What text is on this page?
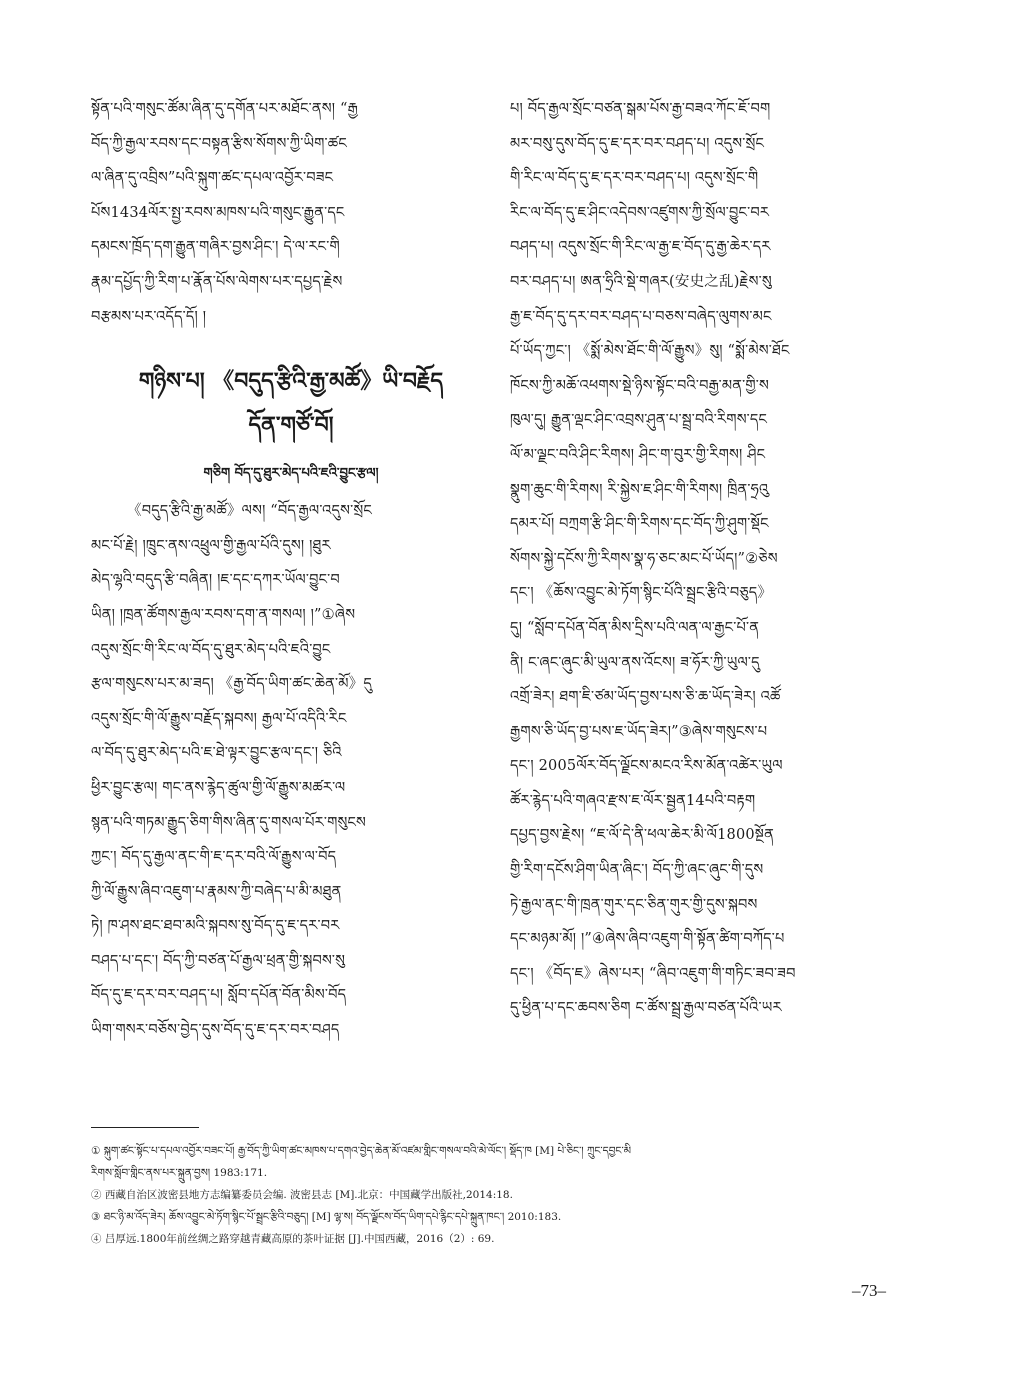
སྟོན་པའི་གསུང་ཚོམ་ཞིན་དུ་དགོན་པར་མཐོང་ནས། “རྒྱ
བོད་ཀྱི་རྒྱལ་རབས་དང་བསྟན་རྩིས་སོགས་ཀྱི་ཡིག་ཚང
ལ་ཞིན་དུ་འབྲིས”པའི་སྐུག་ཚང་དཔལ་འབྱོར་བཟང
པོས1434ལོར་སྤྱ་རབས་མཁས་པའི་གསུང་རྒྱུན་དང
དམངས་ཁྲོད་དག་རྒྱུན་གཞིར་བྱས་ཤིང་། དེ་ལ་རང་གི
རྣམ་དཔྱོད་ཀྱི་རིག་པ་རྣོན་པོས་ལེགས་པར་དཔྱད་རྗེས
བརྩམས་པར་འདོད་དོ། །
གཉིས་པ། 《བདུད་རྩིའི་རྒྱ་མཚོ》ཡི་བརྗོད
དོན་གཙོ་བོ།
གཅིག བོད་དུ་ཐུར་མེད་པའི་ཇའི་བྱུང་རྩལ།
《བདུད་རྩིའི་རྒྱ་མཚོ》ལས། “བོད་རྒྱལ་འདུས་སྲོང
མང་པོ་རྗེ། །ཁྲུང་ནས་འཕྲུལ་གྱི་རྒྱལ་པོའི་དུས། །ཐུར
མེད་ལྷའི་བདུད་རྩི་བཞིན། །ཇ་དང་དཀར་ཡོལ་བྱུང་བ
ཡིན། །ཁྲན་ཚོགས་རྒྱལ་རབས་དག་ན་གསལ། །”①ཞེས
འདུས་སྲོང་གི་རིང་ལ་བོད་དུ་ཐུར་མེད་པའི་ཇའི་བྱུང
རྩལ་གསུངས་པར་མ་ཟད། 《རྒྱ་བོད་ཡིག་ཚང་ཆེན་མོ》དུ
འདུས་སྲོང་གི་ལོ་རྒྱུས་བརྗོད་སྐབས། རྒྱལ་པོ་འདིའི་རིང
ལ་བོད་དུ་ཐུར་མེད་པའི་ཇ་ཐེ་ལྟར་བྱུང་རྩལ་དང་། ཅིའི
ཕྱིར་བྱུང་རྩལ། གང་ནས་རྙེད་ཚུལ་གྱི་ལོ་རྒྱུས་མཚར་ལ
སྙན་པའི་གཏམ་རྒྱུད་ཅིག་གིས་ཞིན་དུ་གསལ་པོར་གསུངས
ཀྱང་། བོད་དུ་རྒྱལ་ནང་གི་ཇ་དར་བའི་ལོ་རྒྱུས་ལ་བོད
ཀྱི་ལོ་རྒྱུས་ཞིབ་འཇུག་པ་རྣམས་ཀྱི་བཞེད་པ་མི་མཐུན
ཏེ། ཁ་ཤས་ཐང་ཐབ་མའི་སྐབས་སུ་བོད་དུ་ཇ་དར་བར
བཤད་པ་དང་། བོད་ཀྱི་བཙན་པོ་རྒྱལ་ཕྲན་གྱི་སྐབས་སུ
བོད་དུ་ཇ་དར་བར་བཤད་པ། སློབ་དཔོན་བོན་མིས་བོད
ཡིག་གསར་བཅོས་བྱེད་དུས་བོད་དུ་ཇ་དར་བར་བཤད
པ། བོད་རྒྱལ་སྲོང་བཙན་སྒམ་པོས་རྒྱ་བཟའ་ཀོང་ཇོ་བག
མར་བསུ་དུས་བོད་དུ་ཇ་དར་བར་བཤད་པ། འདུས་སྲོང
གི་རིང་ལ་བོད་དུ་ཇ་དར་བར་བཤད་པ། འདུས་སྲོང་གི
རིང་ལ་བོད་དུ་ཇ་ཤིང་འདེབས་འཛུགས་ཀྱི་སྲོལ་བྱུང་བར
བཤད་པ། འདུས་སྲོང་གི་རིང་ལ་རྒྱ་ཇ་བོད་དུ་རྒྱ་ཆེར་དར
བར་བཤད་པ། ཨན་ཧྲིའི་སྡེ་གཞར(安史之乱)རྗེས་སུ
རྒྱ་ཇ་བོད་དུ་དར་བར་བཤད་པ་བཅས་བཞེད་ལུགས་མང
པོ་ཡོད་ཀྱང་། 《སྨོ་མེས་ཐོང་གི་ལོ་རྒྱུས》སུ། “སྨོ་མེས་ཐོང
ཁོངས་ཀྱི་མཆོ་འཕགས་སྡེ་ཉིས་སྟོང་བའི་བརྒྱ་མན་གྱི་ས
ཁུལ་དུ། རྒྱུན་ལྡང་ཤིང་འབྲས་ཤུན་པ་སྦྲ་བའི་རིགས་དང
ལོ་མ་ལྗང་བའི་ཤིང་རིགས། ཤིང་ག་བུར་གྱི་རིགས། ཤིང
སྣུག་ཆུང་གི་རིགས། རི་སྐྱེས་ཇ་ཤིང་གི་རིགས། ཁྲིན་ཧྲའུ
དམར་པོ། བཀྲག་རྩི་ཤིང་གི་རིགས་དང་བོད་ཀྱི་ཤུག་སྡོང
སོགས་སྐྱེ་དངོས་ཀྱི་རིགས་སྣ་ཧ་ཅང་མང་པོ་ཡོད།”②ཅེས
དང་། 《ཆོས་འབྱུང་མེ་ཏོག་སྙིང་པོའི་སྦྲང་རྩིའི་བཅུད》
དུ། “སློབ་དཔོན་བོན་མིས་དྲིས་པའི་ལན་ལ་རྒྱང་པོ་ན
ནི། ང་ཞང་ཞུང་མི་ཡུལ་ནས་འོངས། ཟ་ཧོར་ཀྱི་ཡུལ་དུ
འགྲོ་ཟེར། ཐག་ཇི་ཙམ་ཡོད་བྱས་པས་ཅི་ཆ་ཡོད་ཟེར། འཚོ
རྒྱགས་ཅི་ཡོད་བྱ་པས་ཇ་ཡོད་ཟེར།”③ཞེས་གསུངས་པ
དང་། 2005ལོར་བོད་ལྗོངས་མངའ་རིས་མོན་འཚེར་ཡུལ
ཚོར་རྙེད་པའི་གཞའ་རྫས་ཇ་ལོར་སྦྱན14པའི་བརྟག
དཔྱད་བྱས་རྗེས། “ཇ་ལོ་དེ་ནི་ཕལ་ཆེར་མི་ལོ1800སྔོན
གྱི་རིག་དངོས་ཤིག་ཡིན་ཞིང་། བོད་ཀྱི་ཞང་ཞུང་གི་དུས
ཏེ་རྒྱལ་ནང་གི་ཁྲན་གུར་དང་ཅིན་གུར་གྱི་དུས་སྐབས
དང་མཉམ་མོ། །”④ཞེས་ཞིབ་འཇུག་གི་སྟོན་ཚིག་བཀོད་པ
དང་། 《བོད་ཇ》ཞེས་པར། “ཞིབ་འཇུག་གི་གཏིང་ཟབ་ཟབ
དུ་ཕྱིན་པ་དང་ཆབས་ཅིག ང་ཚོས་སྦྲ་རྒྱལ་བཙན་པོའི་ཡར
① སྐུག་ཚང་སྟོང་པ་དཔལ་འབྱོར་བཟང་པོ། རྒྱ་བོད་ཀྱི་ཡིག་ཚང་མཁས་པ་དགའ་བྱེད་ཆེན་མོ་འཛམ་གླིང་གསལ་བའི་མེ་ལོང་། སྡོད་ཁ [M] པེ་ཅིང་། ཀྲུང་དབྱང་མི
རིགས་སློབ་གླིང་ནས་པར་སྐྲུན་བྱས། 1983:171.
② 西藏自治区波密县地方志编纂委员会编. 波密县志 [M].北京：中国藏学出版社,2014:18.
③ ཐང་ཉི་མ་འོད་ཟེར། ཆོས་འབྱུང་མེ་ཏོག་སྙིང་པོ་སྦྲང་རྩིའི་བཅུད། [M] ལྷ་ས། བོད་ལྗོངས་བོད་ཡིག་དཔེ་རྙིང་དཔེ་སྐྲུན་ཁང་། 2010:183.
④ 吕厚远.1800年前丝绸之路穿越青藏高原的茶叶证据 [J].中国西藏，2016（2）: 69.
–73–
